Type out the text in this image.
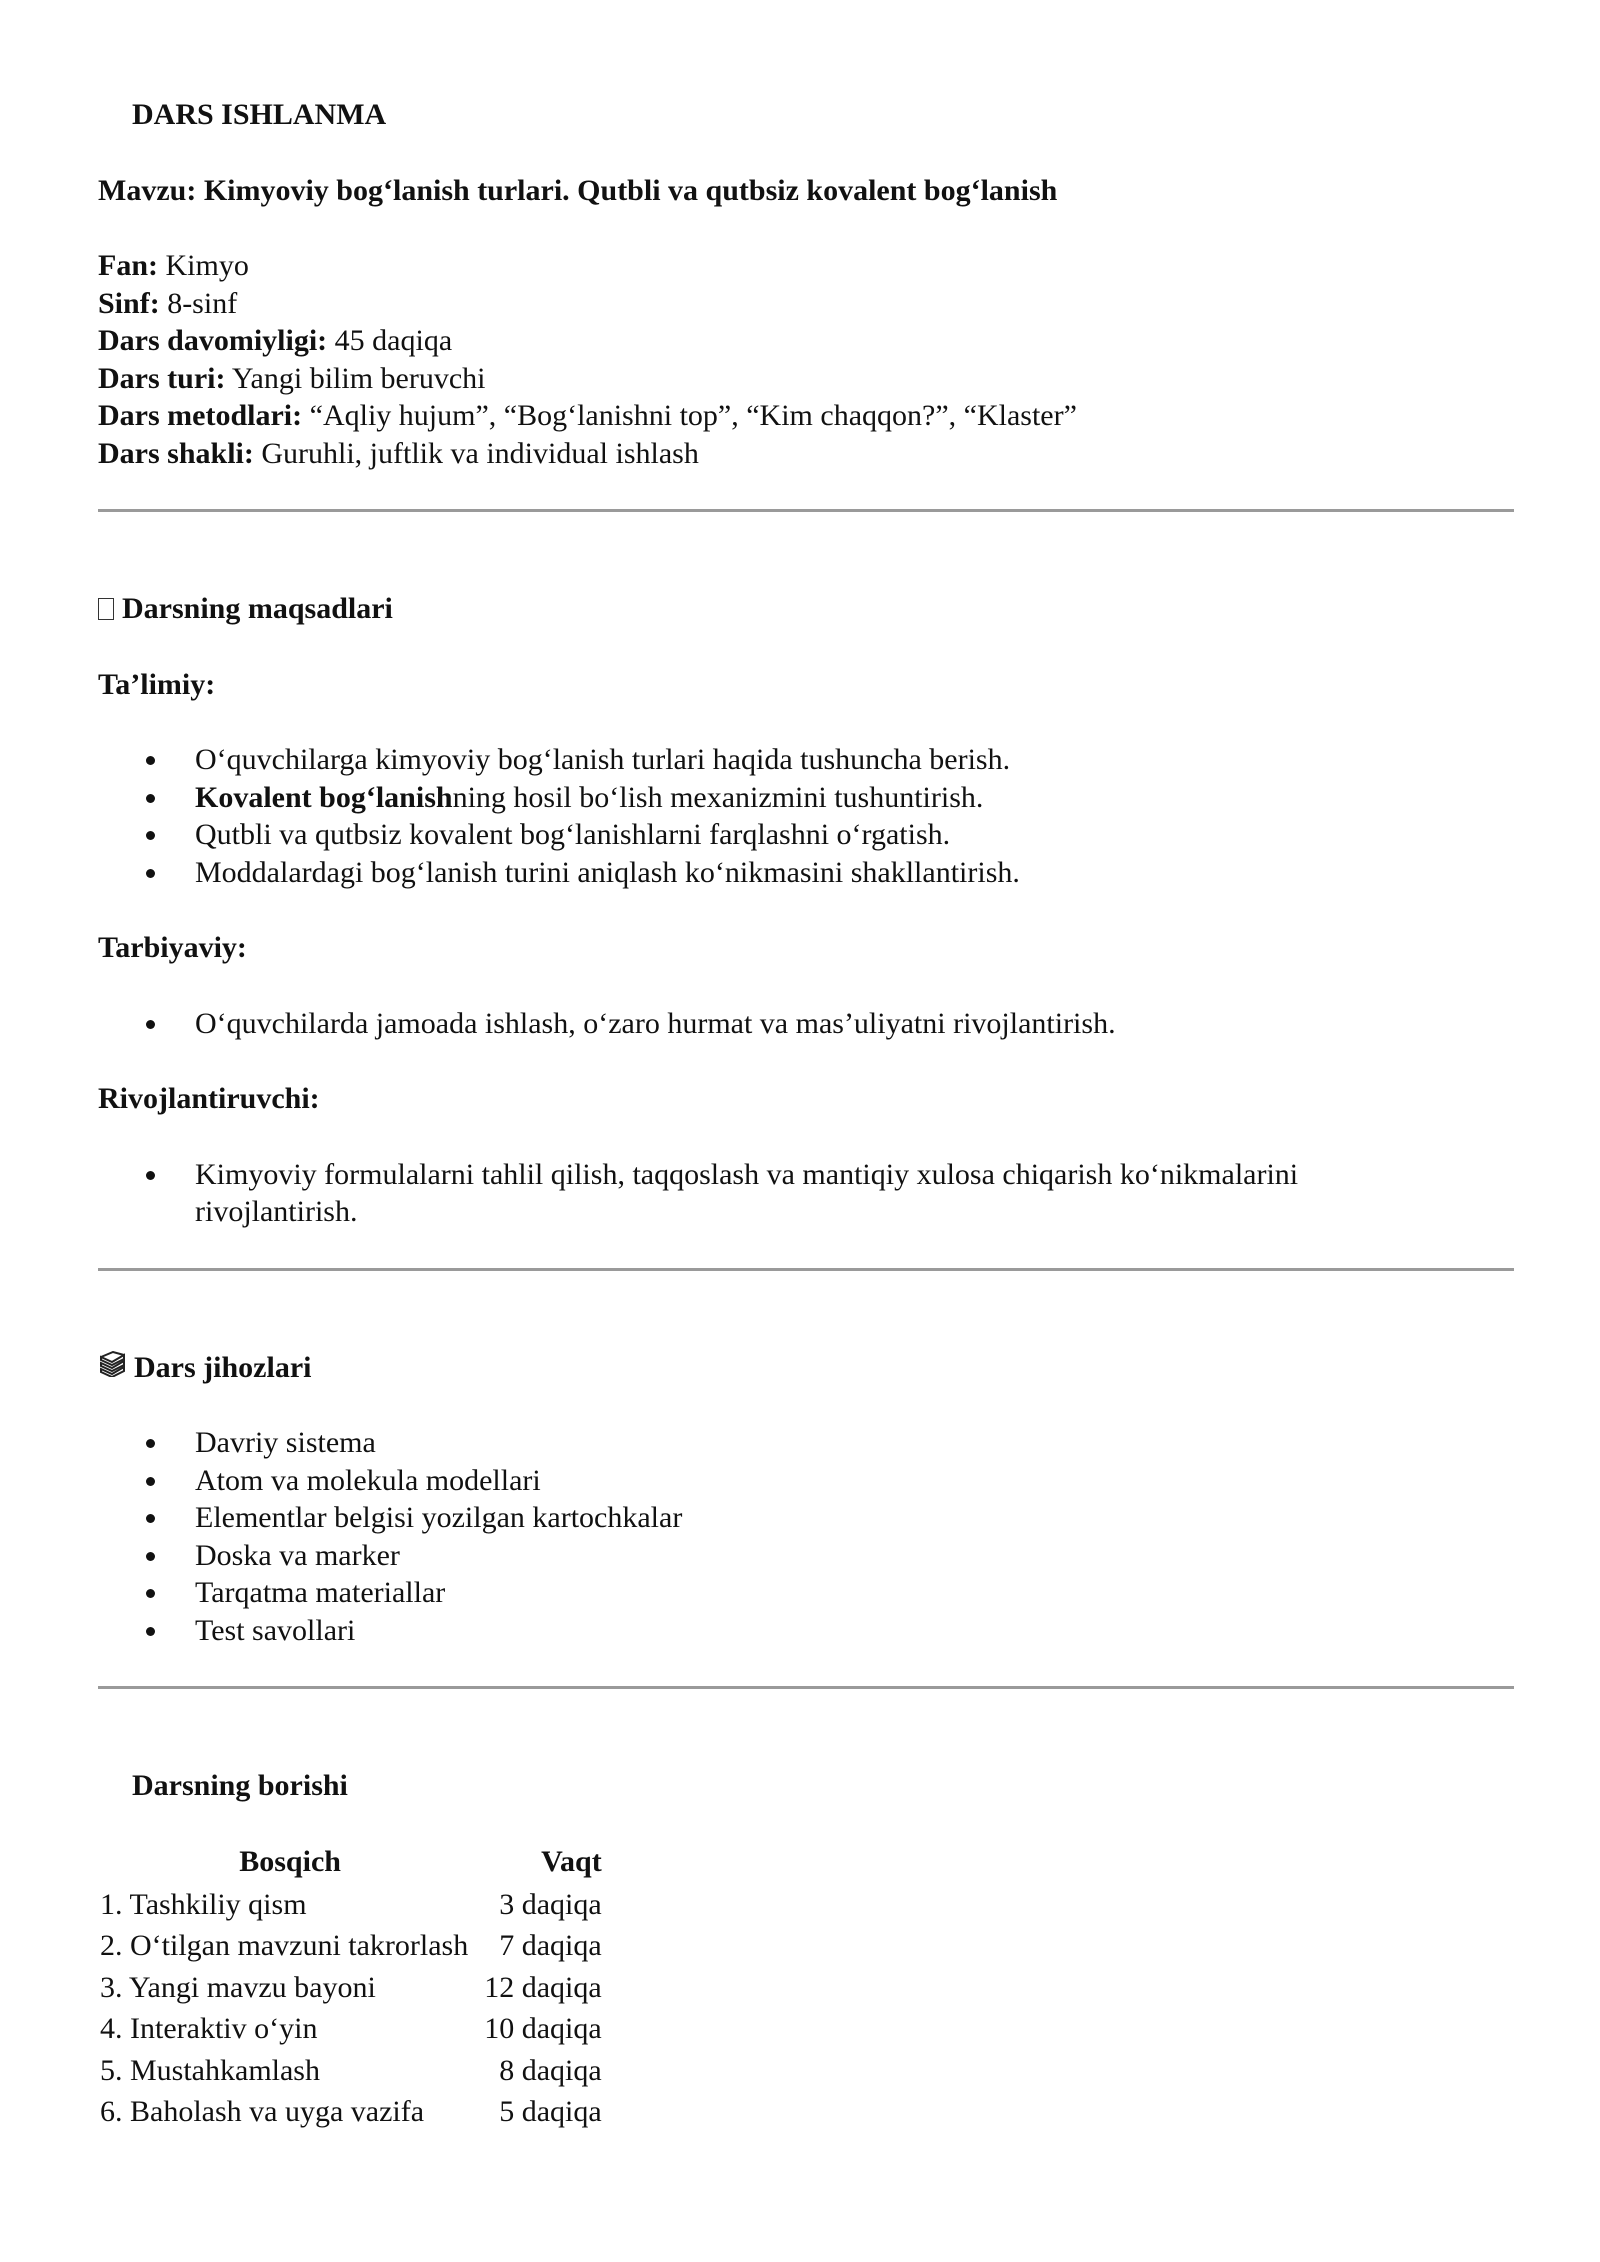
DARS ISHLANMA
Mavzu: Kimyoviy bog‘lanish turlari. Qutbli va qutbsiz kovalent bog‘lanish
Fan: Kimyo
Sinf: 8-sinf
Dars davomiyligi: 45 daqiqa
Dars turi: Yangi bilim beruvchi
Dars metodlari: “Aqliy hujum”, “Bog‘lanishni top”, “Kim chaqqon?”, “Klaster”
Dars shakli: Guruhli, juftlik va individual ishlash
Darsning maqsadlari
Ta’limiy:
O‘quvchilarga kimyoviy bog‘lanish turlari haqida tushuncha berish.
Kovalent bog‘lanishning hosil bo‘lish mexanizmini tushuntirish.
Qutbli va qutbsiz kovalent bog‘lanishlarni farqlashni o‘rgatish.
Moddalardagi bog‘lanish turini aniqlash ko‘nikmasini shakllantirish.
Tarbiyaviy:
O‘quvchilarda jamoada ishlash, o‘zaro hurmat va mas’uliyatni rivojlantirish.
Rivojlantiruvchi:
Kimyoviy formulalarni tahlil qilish, taqqoslash va mantiqiy xulosa chiqarish ko‘nikmalarini rivojlantirish.
Dars jihozlari
Davriy sistema
Atom va molekula modellari
Elementlar belgisi yozilgan kartochkalar
Doska va marker
Tarqatma materiallar
Test savollari
Darsning borishi
Bosqich	Vaqt
1. Tashkiliy qism	3 daqiqa
2. O‘tilgan mavzuni takrorlash	7 daqiqa
3. Yangi mavzu bayoni	12 daqiqa
4. Interaktiv o‘yin	10 daqiqa
5. Mustahkamlash	8 daqiqa
6. Baholash va uyga vazifa	5 daqiqa
